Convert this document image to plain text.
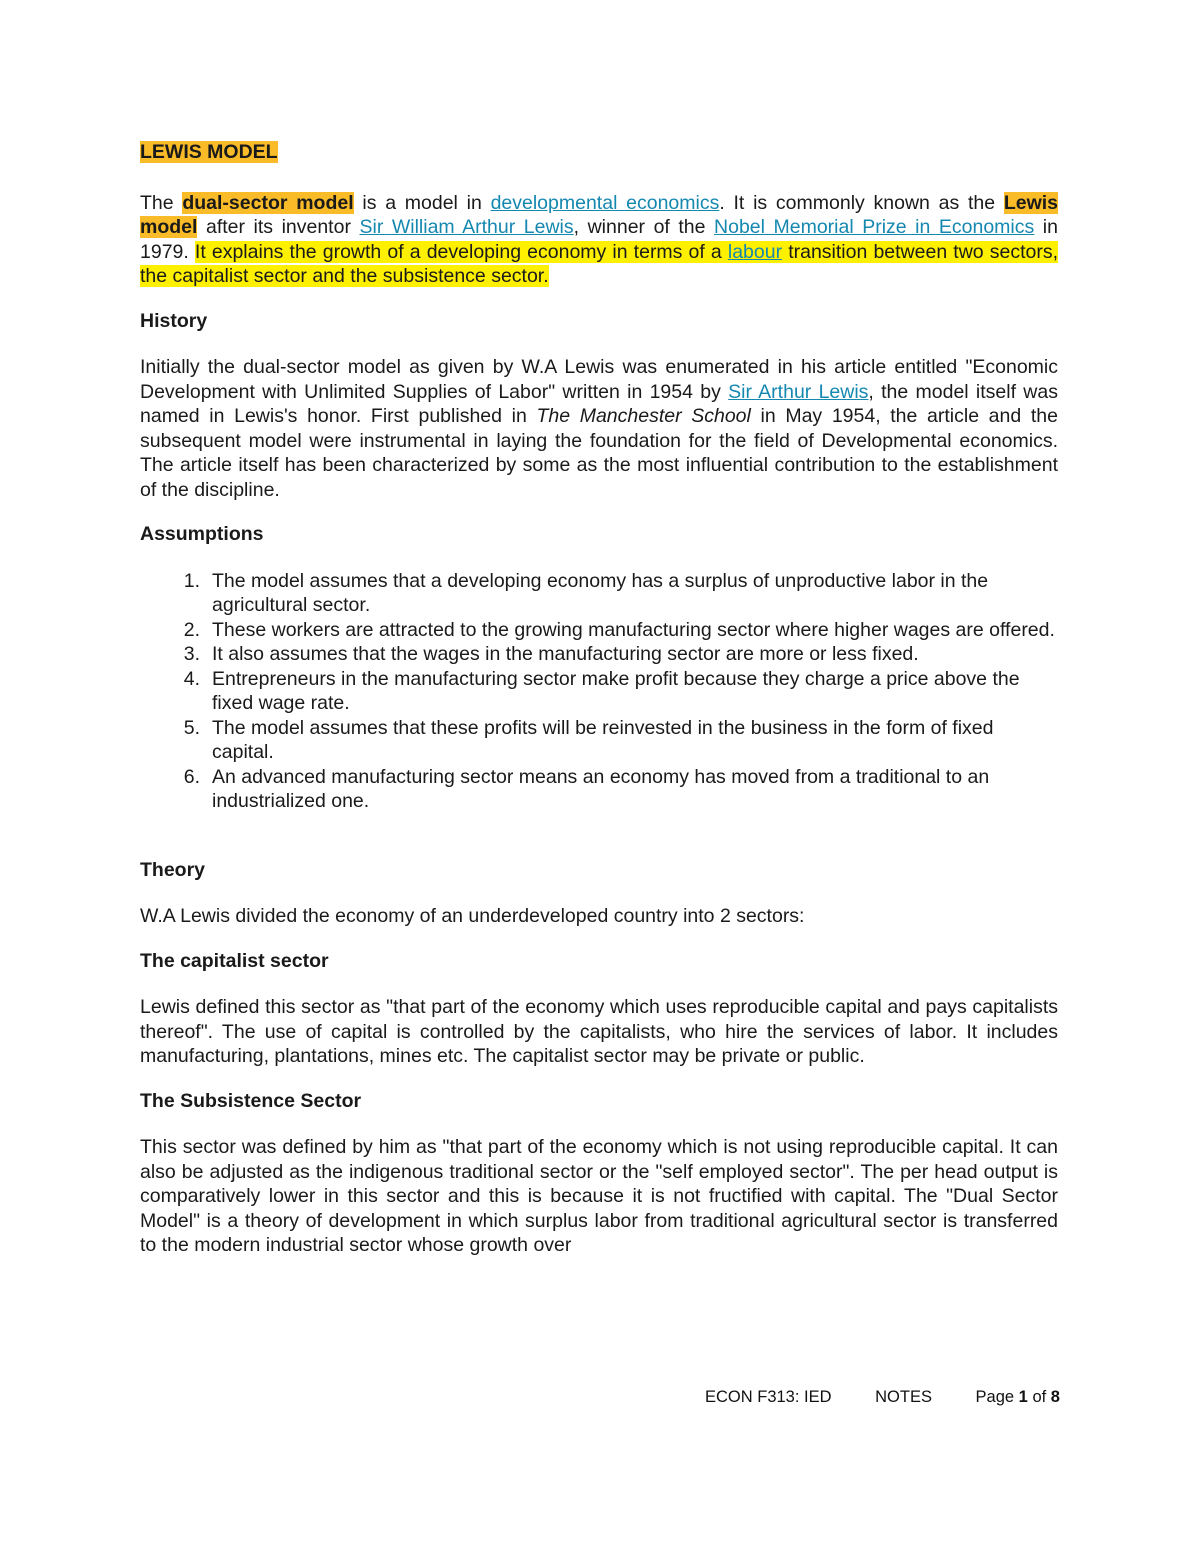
LEWIS MODEL

The dual-sector model is a model in developmental economics. It is commonly known as the Lewis model after its inventor Sir William Arthur Lewis, winner of the Nobel Memorial Prize in Economics in 1979. It explains the growth of a developing economy in terms of a labour transition between two sectors, the capitalist sector and the subsistence sector.

History

Initially the dual-sector model as given by W.A Lewis was enumerated in his article entitled "Economic Development with Unlimited Supplies of Labor" written in 1954 by Sir Arthur Lewis, the model itself was named in Lewis's honor. First published in The Manchester School in May 1954, the article and the subsequent model were instrumental in laying the foundation for the field of Developmental economics. The article itself has been characterized by some as the most influential contribution to the establishment of the discipline.

Assumptions
1. The model assumes that a developing economy has a surplus of unproductive labor in the agricultural sector.
2. These workers are attracted to the growing manufacturing sector where higher wages are offered.
3. It also assumes that the wages in the manufacturing sector are more or less fixed.
4. Entrepreneurs in the manufacturing sector make profit because they charge a price above the fixed wage rate.
5. The model assumes that these profits will be reinvested in the business in the form of fixed capital.
6. An advanced manufacturing sector means an economy has moved from a traditional to an industrialized one.
Theory

W.A Lewis divided the economy of an underdeveloped country into 2 sectors:

The capitalist sector

Lewis defined this sector as "that part of the economy which uses reproducible capital and pays capitalists thereof". The use of capital is controlled by the capitalists, who hire the services of labor. It includes manufacturing, plantations, mines etc. The capitalist sector may be private or public.

The Subsistence Sector

This sector was defined by him as "that part of the economy which is not using reproducible capital. It can also be adjusted as the indigenous traditional sector or the "self employed sector". The per head output is comparatively lower in this sector and this is because it is not fructified with capital. The "Dual Sector Model" is a theory of development in which surplus labor from traditional agricultural sector is transferred to the modern industrial sector whose growth over

ECON F313: IED	NOTES	Page 1 of 8
